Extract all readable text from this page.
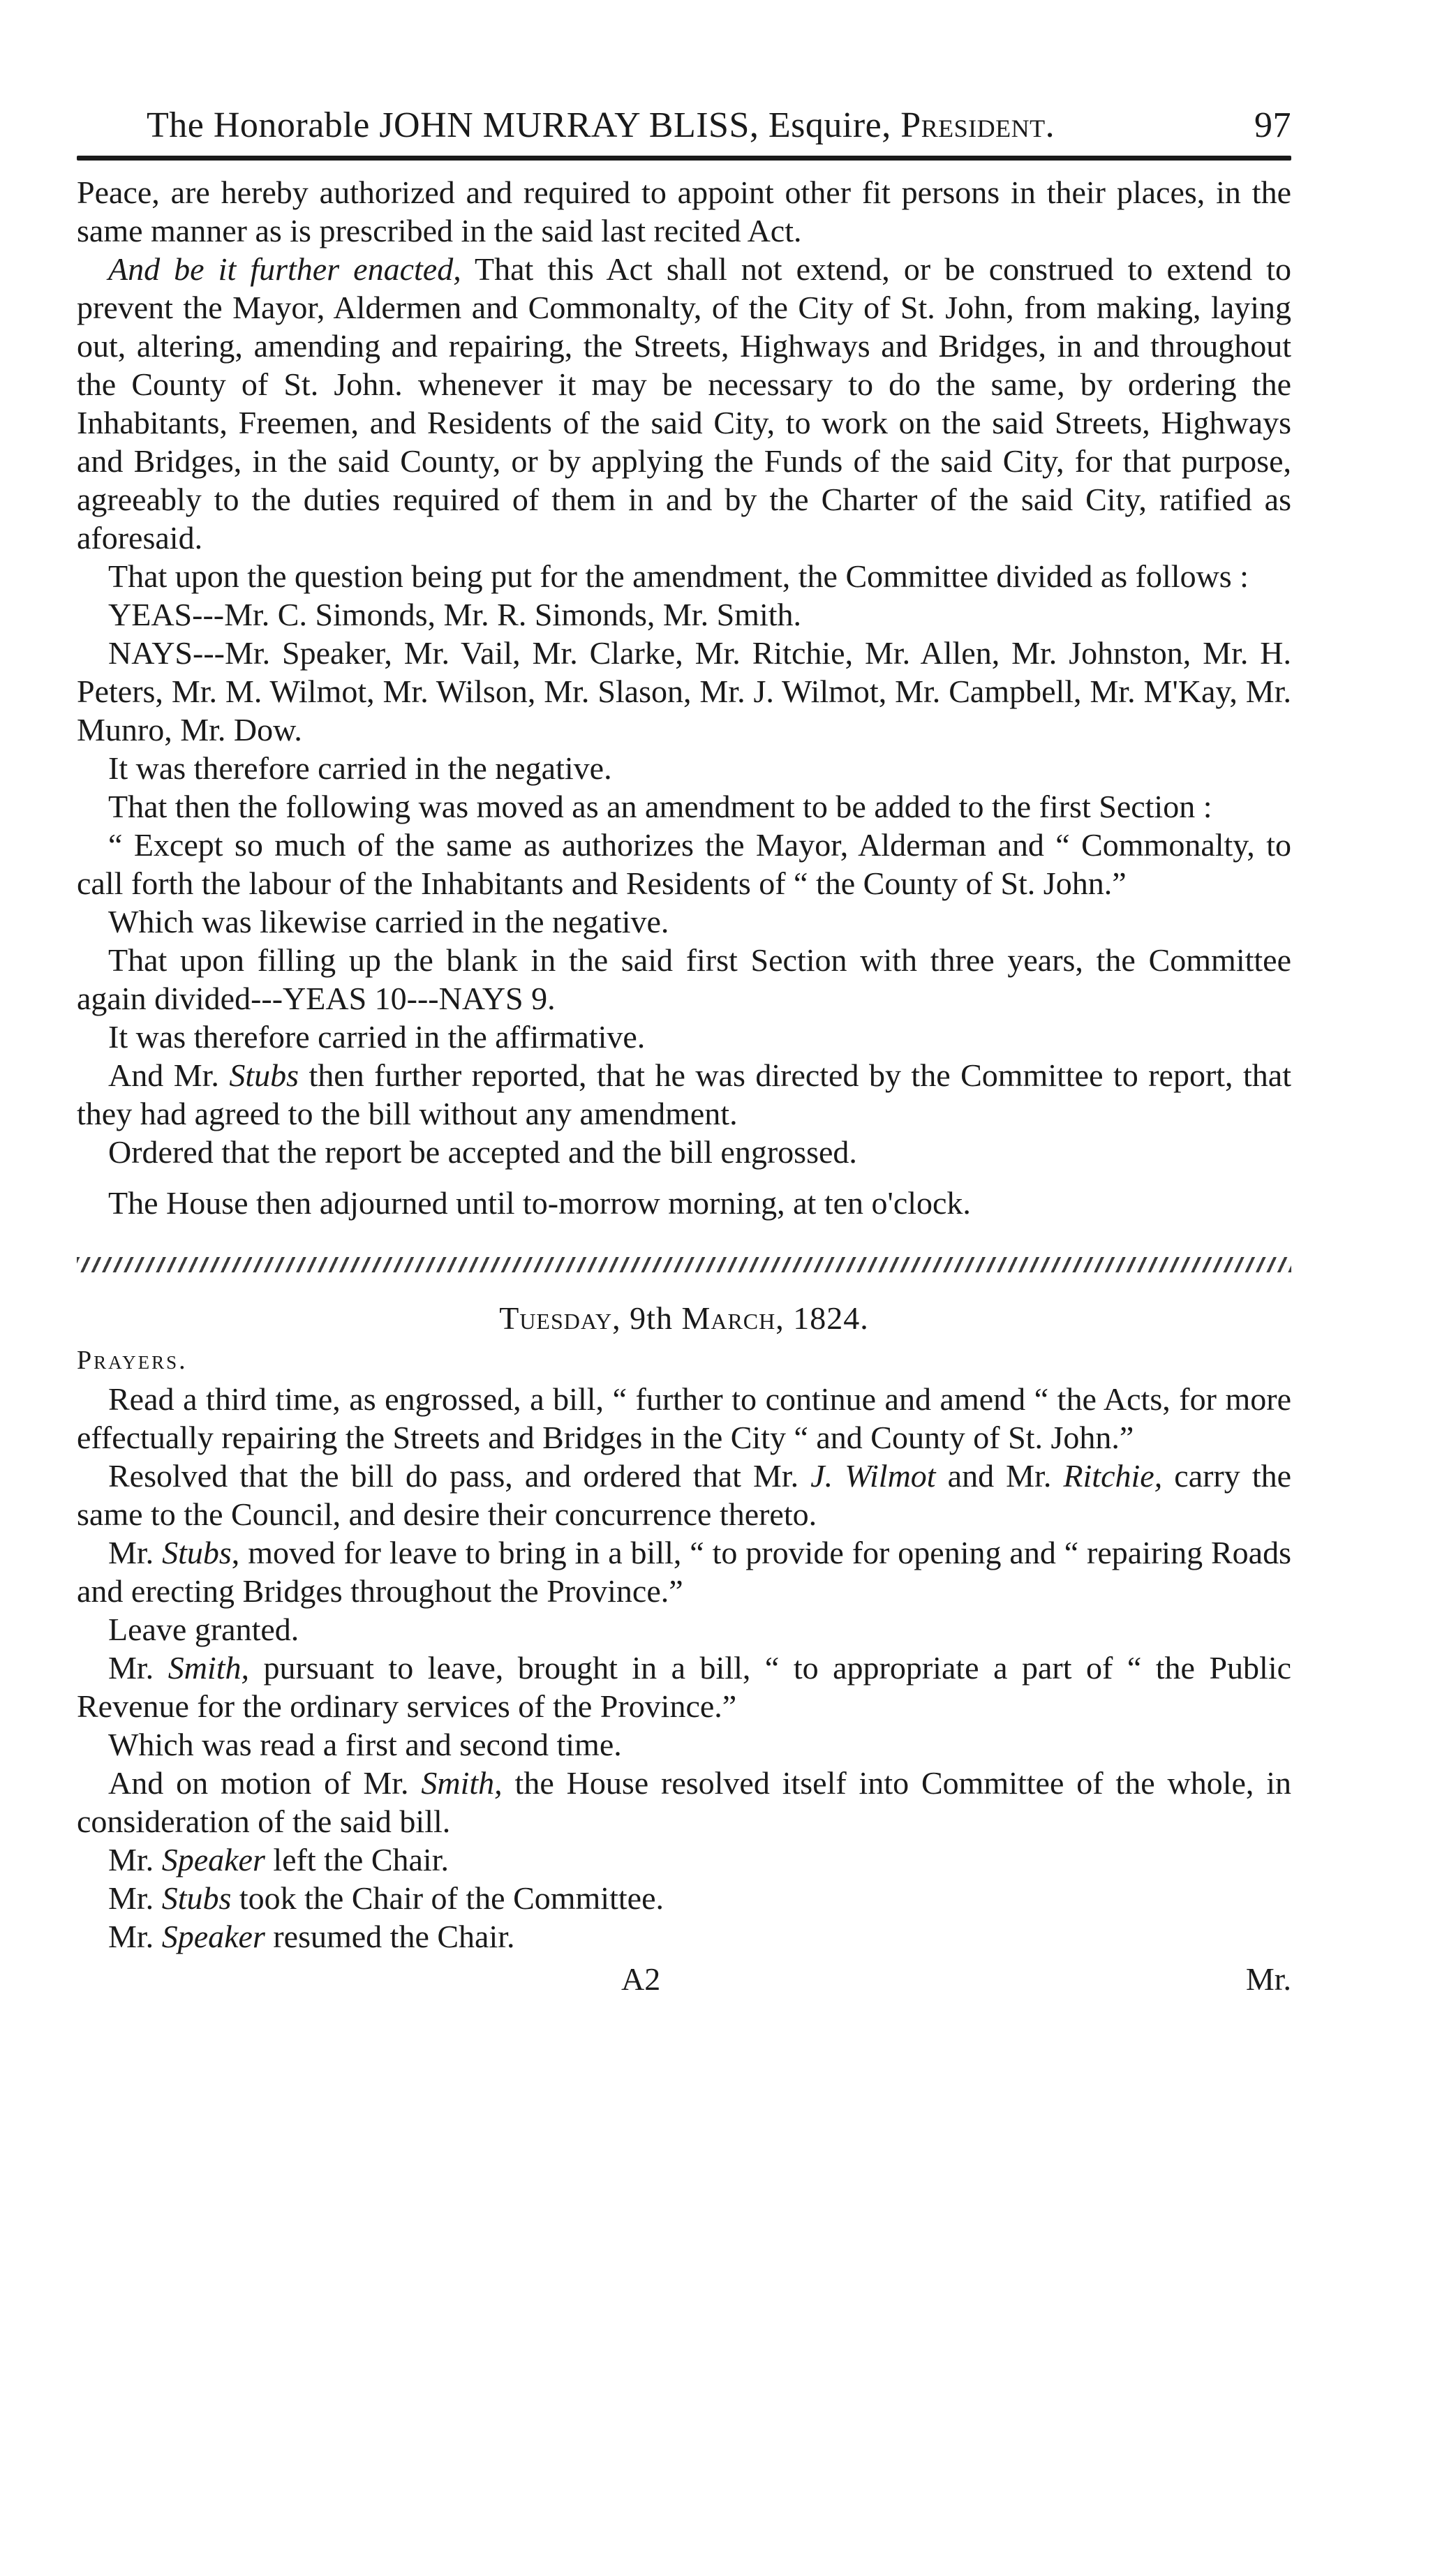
The Honorable JOHN MURRAY BLISS, Esquire, President.	97

Peace, are hereby authorized and required to appoint other fit persons in their places, in the same manner as is prescribed in the said last recited Act.

And be it further enacted, That this Act shall not extend, or be construed to extend to prevent the Mayor, Aldermen and Commonalty, of the City of St. John, from making, laying out, altering, amending and repairing, the Streets, Highways and Bridges, in and throughout the County of St. John. whenever it may be necessary to do the same, by ordering the Inhabitants, Freemen, and Residents of the said City, to work on the said Streets, Highways and Bridges, in the said County, or by applying the Funds of the said City, for that purpose, agreeably to the duties required of them in and by the Charter of the said City, ratified as aforesaid.

That upon the question being put for the amendment, the Committee divided as follows :

YEAS---Mr. C. Simonds, Mr. R. Simonds, Mr. Smith.

NAYS---Mr. Speaker, Mr. Vail, Mr. Clarke, Mr. Ritchie, Mr. Allen, Mr. Johnston, Mr. H. Peters, Mr. M. Wilmot, Mr. Wilson, Mr. Slason, Mr. J. Wilmot, Mr. Campbell, Mr. M'Kay, Mr. Munro, Mr. Dow.

It was therefore carried in the negative.

That then the following was moved as an amendment to be added to the first Section :

“ Except so much of the same as authorizes the Mayor, Alderman and “ Commonalty, to call forth the labour of the Inhabitants and Residents of “ the County of St. John.”

Which was likewise carried in the negative.

That upon filling up the blank in the said first Section with three years, the Committee again divided---YEAS 10---NAYS 9.

It was therefore carried in the affirmative.

And Mr. Stubs then further reported, that he was directed by the Committee to report, that they had agreed to the bill without any amendment.

Ordered that the report be accepted and the bill engrossed.

The House then adjourned until to-morrow morning, at ten o'clock.

Tuesday, 9th March, 1824.

Prayers.

Read a third time, as engrossed, a bill, “ further to continue and amend “ the Acts, for more effectually repairing the Streets and Bridges in the City “ and County of St. John.”

Resolved that the bill do pass, and ordered that Mr. J. Wilmot and Mr. Ritchie, carry the same to the Council, and desire their concurrence thereto.

Mr. Stubs, moved for leave to bring in a bill, “ to provide for opening and “ repairing Roads and erecting Bridges throughout the Province.”

Leave granted.

Mr. Smith, pursuant to leave, brought in a bill, “ to appropriate a part of “ the Public Revenue for the ordinary services of the Province.”

Which was read a first and second time.

And on motion of Mr. Smith, the House resolved itself into Committee of the whole, in consideration of the said bill.

Mr. Speaker left the Chair.

Mr. Stubs took the Chair of the Committee.

Mr. Speaker resumed the Chair.

A2	Mr.
